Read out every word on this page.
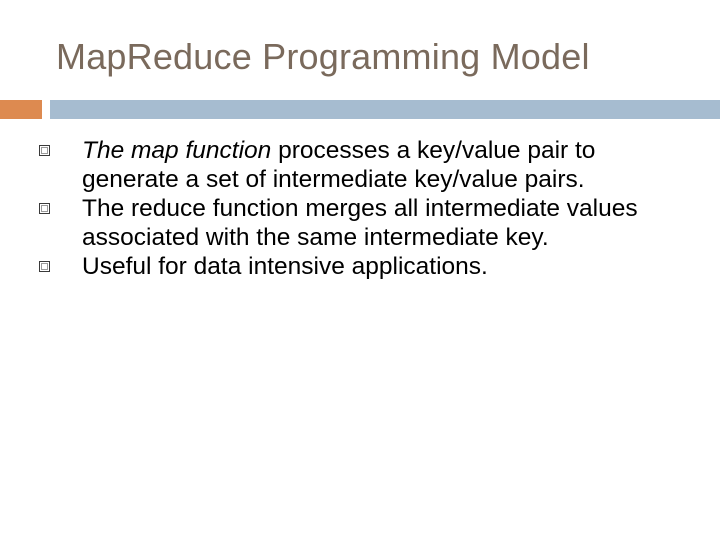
MapReduce Programming Model
The map function processes a key/value pair to generate a set of intermediate key/value pairs.
The reduce function merges all intermediate values associated with the same intermediate key.
Useful for data intensive applications.
